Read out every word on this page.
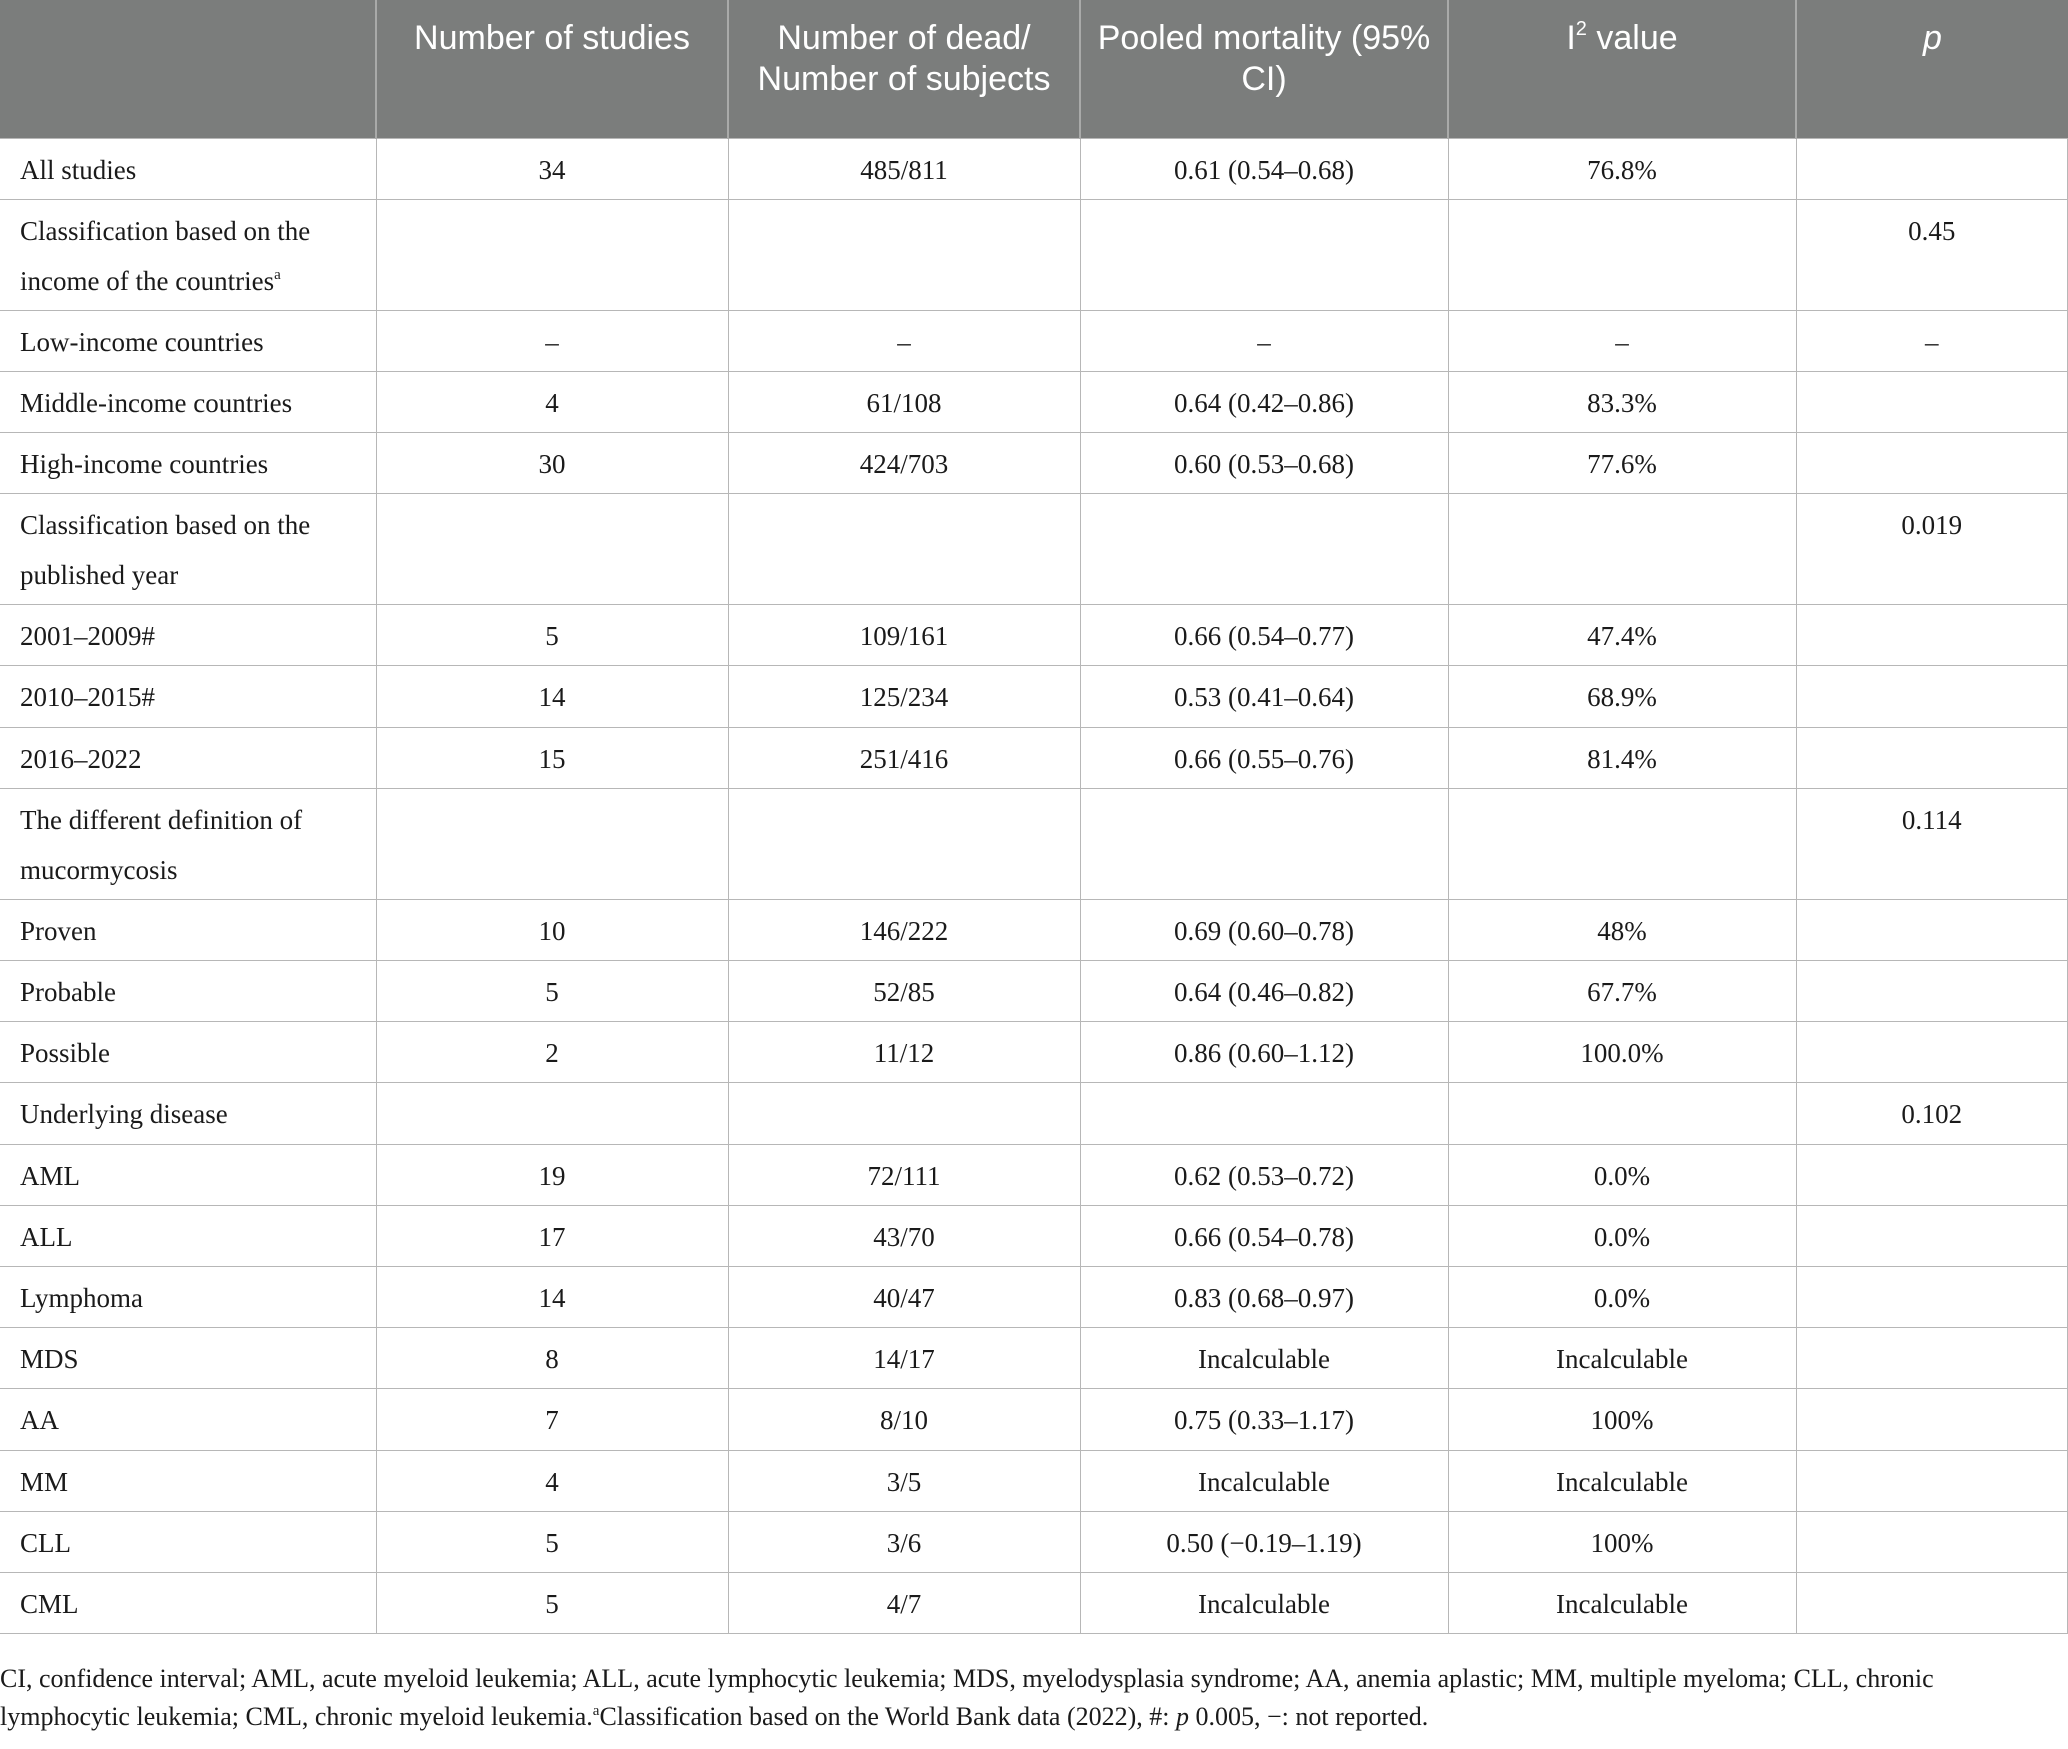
	Number of studies	Number of dead/ Number of subjects	Pooled mortality (95% CI)	$I^2$ value	p
All studies	34	485/811	0.61 (0.54–0.68)	76.8%	
Classification based on the income of the countries$^a$					0.45
Low-income countries	–	–	–	–	–
Middle-income countries	4	61/108	0.64 (0.42–0.86)	83.3%	
High-income countries	30	424/703	0.60 (0.53–0.68)	77.6%	
Classification based on the published year					0.019
2001–2009#	5	109/161	0.66 (0.54–0.77)	47.4%	
2010–2015#	14	125/234	0.53 (0.41–0.64)	68.9%	
2016–2022	15	251/416	0.66 (0.55–0.76)	81.4%	
The different definition of mucormycosis					0.114
Proven	10	146/222	0.69 (0.60–0.78)	48%	
Probable	5	52/85	0.64 (0.46–0.82)	67.7%	
Possible	2	11/12	0.86 (0.60–1.12)	100.0%	
Underlying disease					0.102
AML	19	72/111	0.62 (0.53–0.72)	0.0%	
ALL	17	43/70	0.66 (0.54–0.78)	0.0%	
Lymphoma	14	40/47	0.83 (0.68–0.97)	0.0%	
MDS	8	14/17	Incalculable	Incalculable	
AA	7	8/10	0.75 (0.33–1.17)	100%	
MM	4	3/5	Incalculable	Incalculable	
CLL	5	3/6	0.50 (−0.19–1.19)	100%	
CML	5	4/7	Incalculable	Incalculable	
CI, confidence interval; AML, acute myeloid leukemia; ALL, acute lymphocytic leukemia; MDS, myelodysplasia syndrome; AA, anemia aplastic; MM, multiple myeloma; CLL, chronic lymphocytic leukemia; CML, chronic myeloid leukemia.$^a$Classification based on the World Bank data (2022), #: p 0.005, −: not reported.
